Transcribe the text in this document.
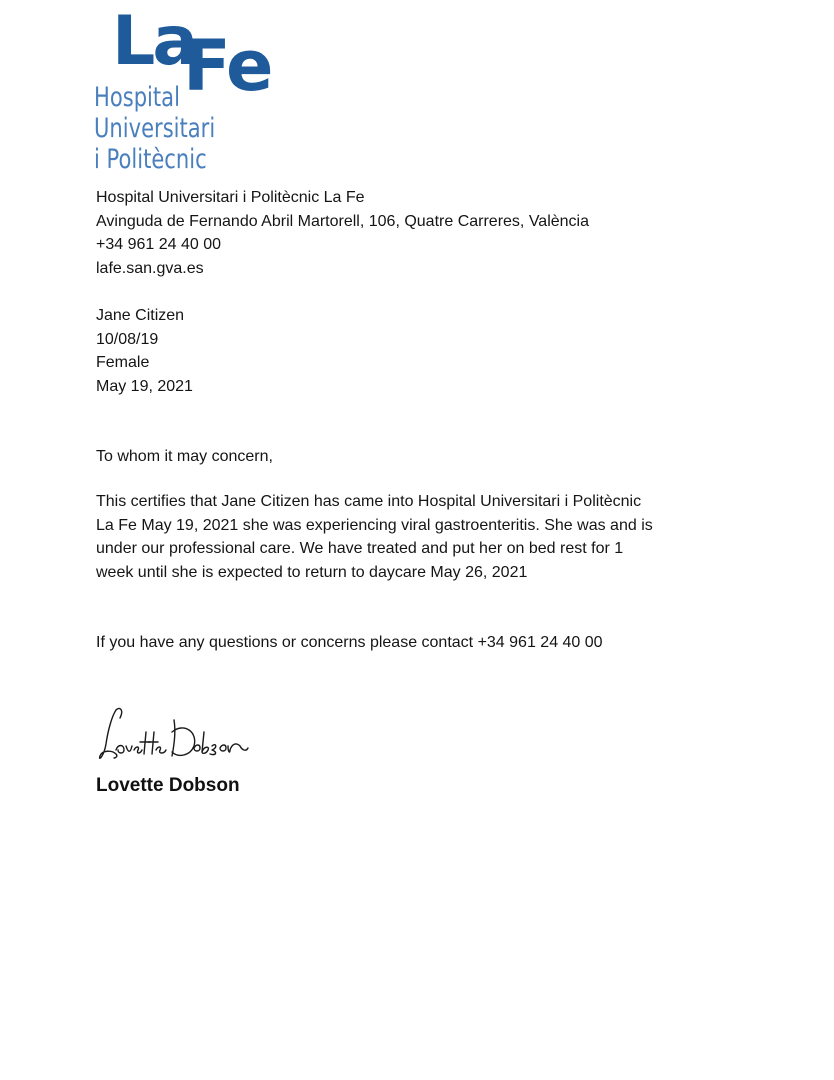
La
Fe
Hospital
Universitari
i Politècnic
Hospital Universitari i Politècnic La Fe
Avinguda de Fernando Abril Martorell, 106, Quatre Carreres, València
+34 961 24 40 00
lafe.san.gva.es
Jane Citizen
10/08/19
Female
May 19, 2021
To whom it may concern,
This certifies that Jane Citizen has came into Hospital Universitari i Politècnic
La Fe May 19, 2021 she was experiencing viral gastroenteritis. She was and is
under our professional care. We have treated and put her on bed rest for 1
week until she is expected to return to daycare May 26, 2021
If you have any questions or concerns please contact +34 961 24 40 00
Lovette Dobson
